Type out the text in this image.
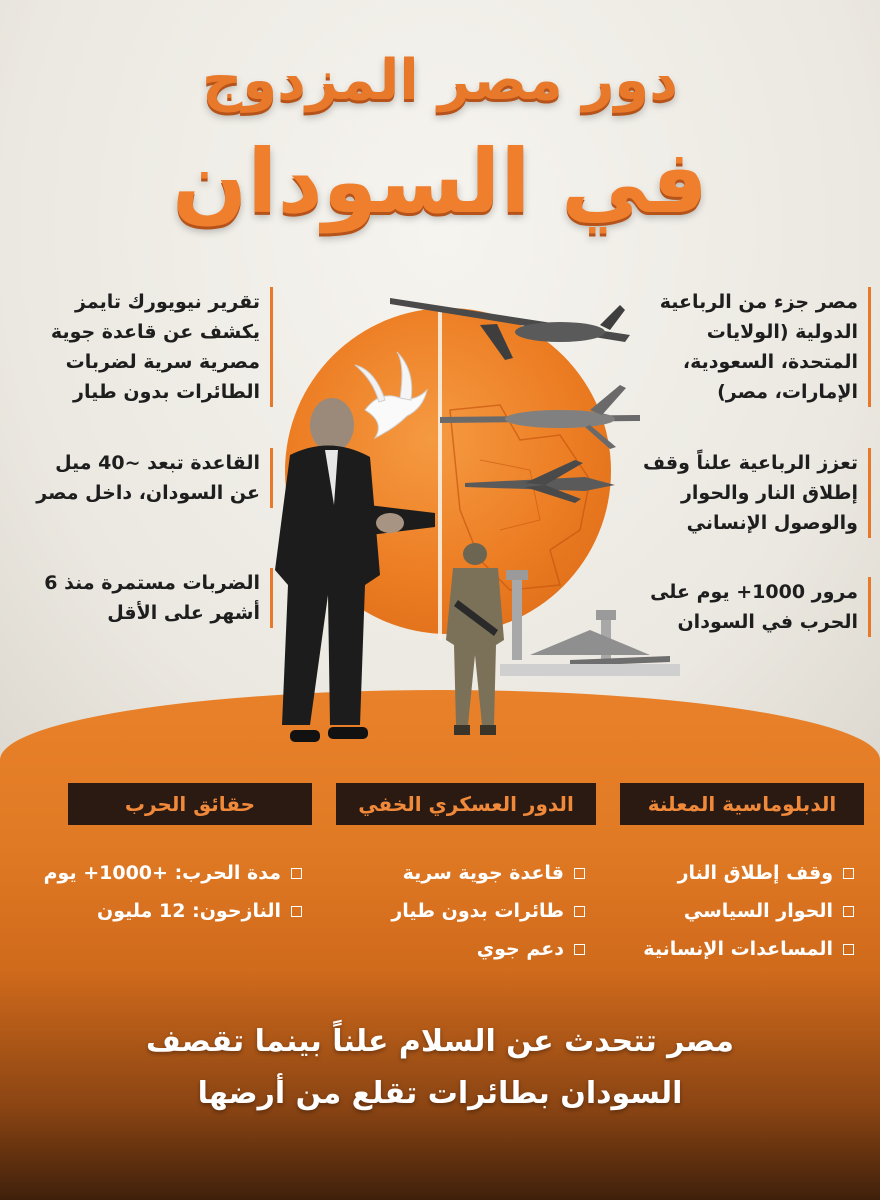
دور مصر المزدوج
في السودان
مصر جزء من الرباعية الدولية (الولايات المتحدة، السعودية، الإمارات، مصر)
تعزز الرباعية علناً وقف إطلاق النار والحوار والوصول الإنساني
مرور 1000+ يوم على الحرب في السودان
تقرير نيويورك تايمز يكشف عن قاعدة جوية مصرية سرية لضربات الطائرات بدون طيار
القاعدة تبعد ~40 ميل عن السودان، داخل مصر
الضربات مستمرة منذ 6 أشهر على الأقل
الدبلوماسية المعلنة
الدور العسكري الخفي
حقائق الحرب
وقف إطلاق النار
الحوار السياسي
المساعدات الإنسانية
قاعدة جوية سرية
طائرات بدون طيار
دعم جوي
مدة الحرب: +1000+ يوم
النازحون: 12 مليون
مصر تتحدث عن السلام علناً بينما تقصف
السودان بطائرات تقلع من أرضها
